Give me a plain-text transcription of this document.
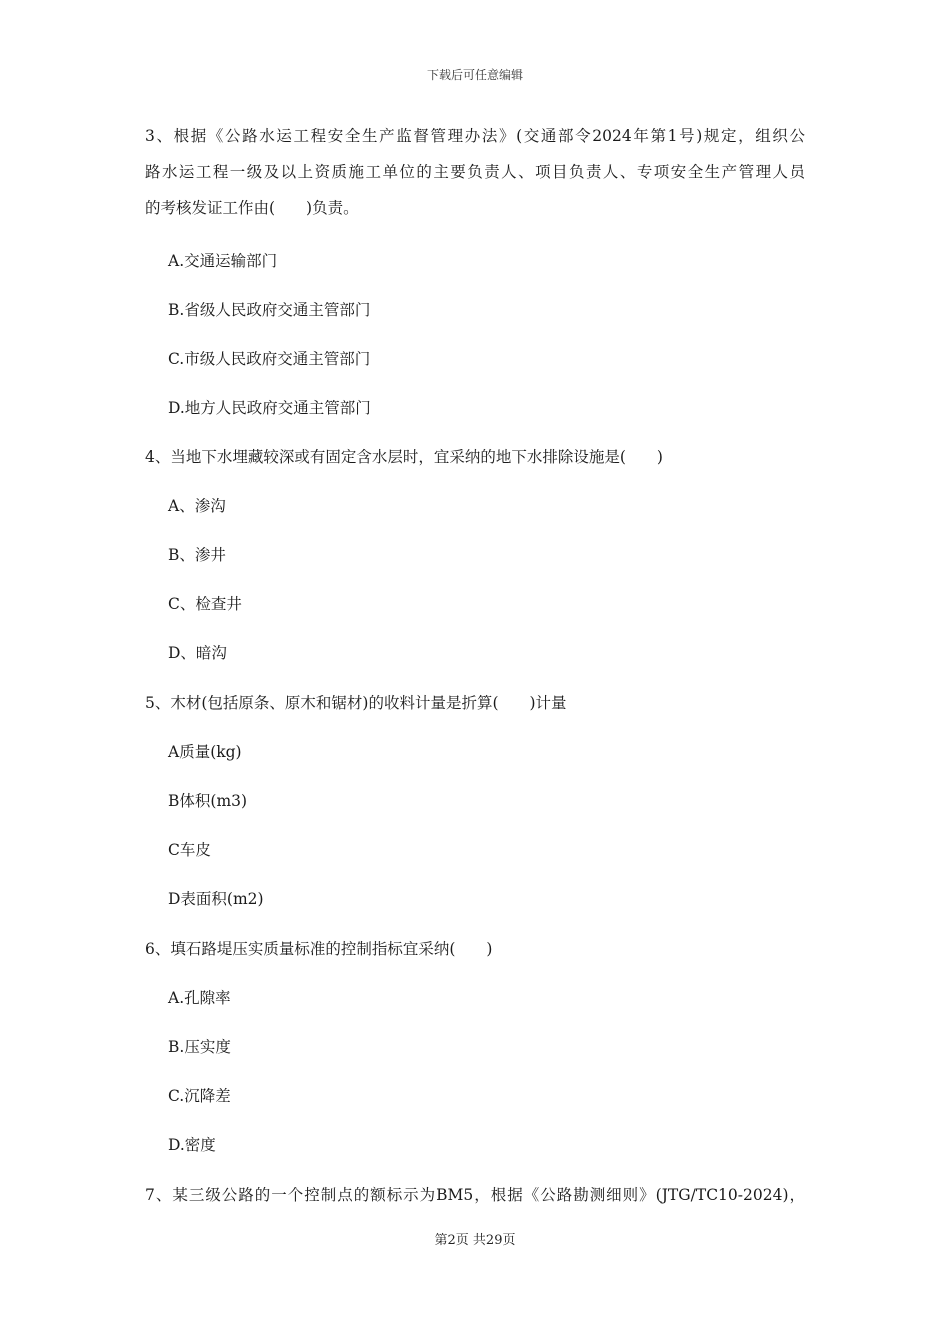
下载后可任意编辑
3、根据《公路水运工程安全生产监督管理办法》(交通部令2024年第1号)规定，组织公
路水运工程一级及以上资质施工单位的主要负责人、项目负责人、专项安全生产管理人员
的考核发证工作由(　　)负责。
A.交通运输部门
B.省级人民政府交通主管部门
C.市级人民政府交通主管部门
D.地方人民政府交通主管部门
4、当地下水埋藏较深或有固定含水层时，宜采纳的地下水排除设施是(　　)
A、渗沟
B、渗井
C、检查井
D、暗沟
5、木材(包括原条、原木和锯材)的收料计量是折算(　　)计量
A质量(kg)
B体积(m3)
C车皮
D表面积(m2)
6、填石路堤压实质量标准的控制指标宜采纳(　　)
A.孔隙率
B.压实度
C.沉降差
D.密度
7、某三级公路的一个控制点的额标示为BM5，根据《公路勘测细则》(JTG/TC10-2024)，
第2页 共29页
